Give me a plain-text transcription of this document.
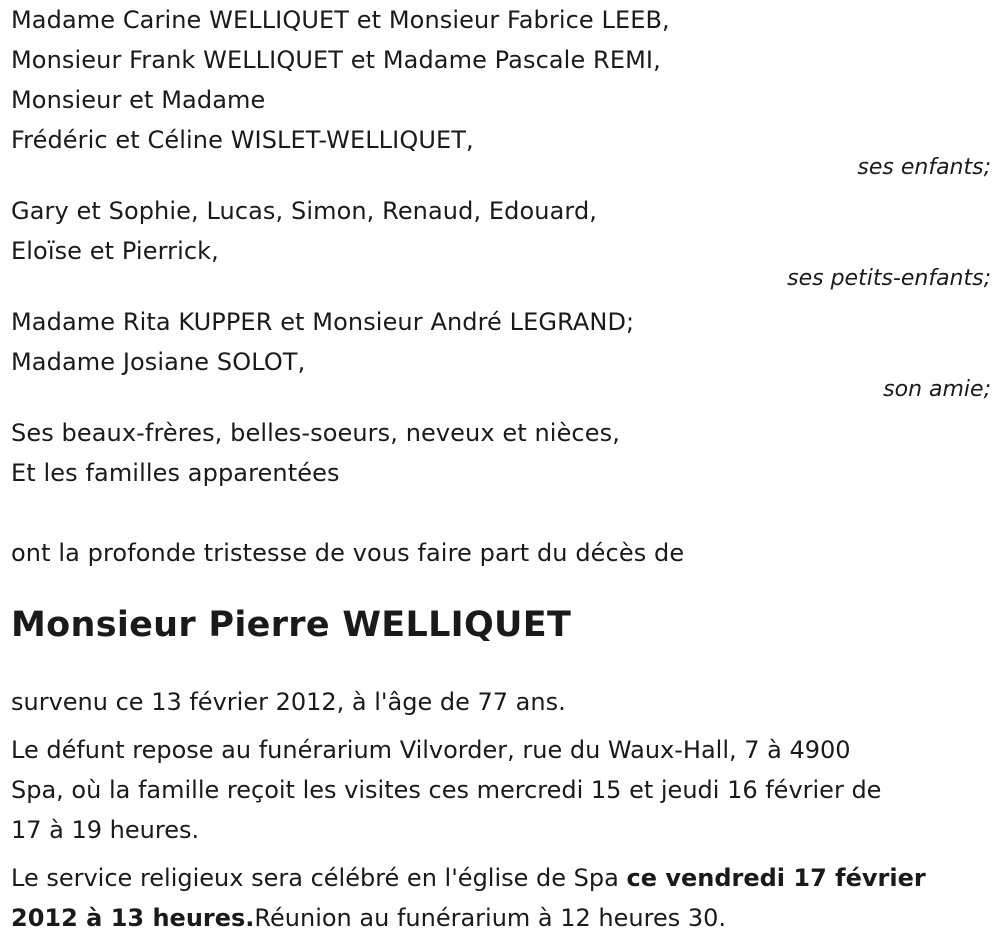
Madame Carine WELLIQUET et Monsieur Fabrice LEEB,
Monsieur Frank WELLIQUET et Madame Pascale REMI,
Monsieur et Madame
Frédéric et Céline WISLET-WELLIQUET,
ses enfants;
Gary et Sophie, Lucas, Simon, Renaud, Edouard,
Eloïse et Pierrick,
ses petits-enfants;
Madame Rita KUPPER et Monsieur André LEGRAND;
Madame Josiane SOLOT,
son amie;
Ses beaux-frères, belles-soeurs, neveux et nièces,
Et les familles apparentées
ont la profonde tristesse de vous faire part du décès de
Monsieur Pierre WELLIQUET
survenu ce 13 février 2012, à l'âge de 77 ans.
Le défunt repose au funérarium Vilvorder, rue du Waux-Hall, 7 à 4900
Spa, où la famille reçoit les visites ces mercredi 15 et jeudi 16 février de
17 à 19 heures.
Le service religieux sera célébré en l'église de Spa ce vendredi 17 février
2012 à 13 heures.Réunion au funérarium à 12 heures 30.
